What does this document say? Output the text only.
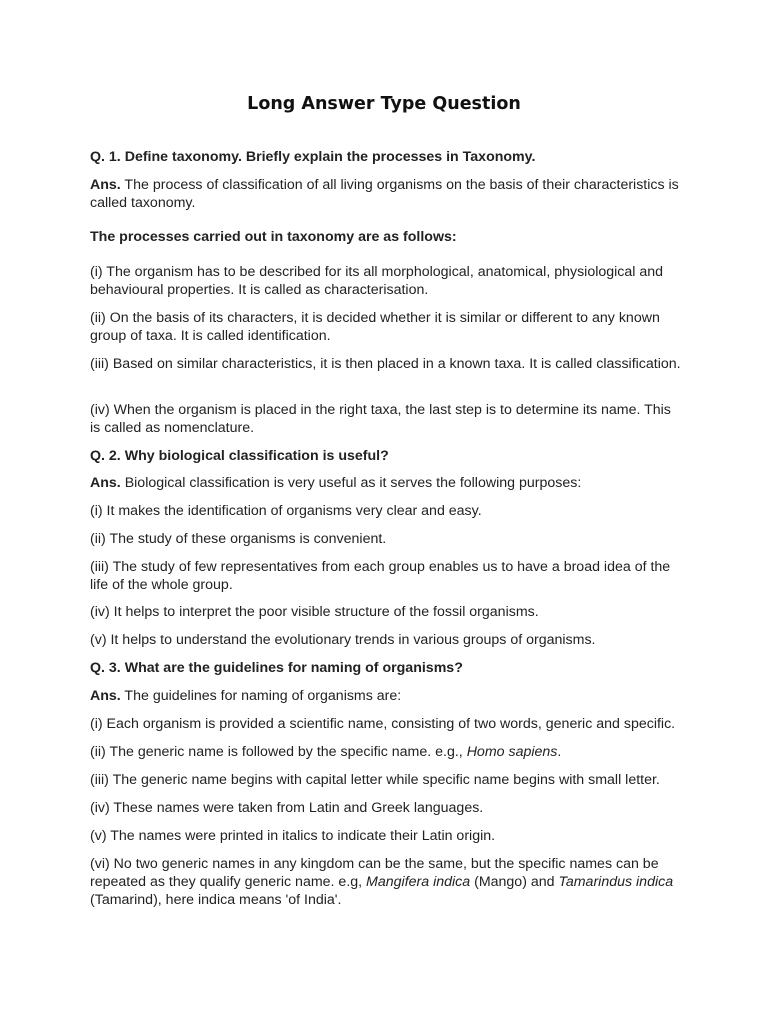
Long Answer Type Question

Q. 1. Define taxonomy. Briefly explain the processes in Taxonomy.

Ans. The process of classification of all living organisms on the basis of their characteristics is called taxonomy.

The processes carried out in taxonomy are as follows:

(i) The organism has to be described for its all morphological, anatomical, physiological and behavioural properties. It is called as characterisation.

(ii) On the basis of its characters, it is decided whether it is similar or different to any known group of taxa. It is called identification.

(iii) Based on similar characteristics, it is then placed in a known taxa. It is called classification.

(iv) When the organism is placed in the right taxa, the last step is to determine its name. This is called as nomenclature.

Q. 2. Why biological classification is useful?

Ans. Biological classification is very useful as it serves the following purposes:

(i) It makes the identification of organisms very clear and easy.

(ii) The study of these organisms is convenient.

(iii) The study of few representatives from each group enables us to have a broad idea of the life of the whole group.

(iv) It helps to interpret the poor visible structure of the fossil organisms.

(v) It helps to understand the evolutionary trends in various groups of organisms.

Q. 3. What are the guidelines for naming of organisms?

Ans. The guidelines for naming of organisms are:

(i) Each organism is provided a scientific name, consisting of two words, generic and specific.

(ii) The generic name is followed by the specific name. e.g., Homo sapiens.

(iii) The generic name begins with capital letter while specific name begins with small letter.

(iv) These names were taken from Latin and Greek languages.

(v) The names were printed in italics to indicate their Latin origin.

(vi) No two generic names in any kingdom can be the same, but the specific names can be repeated as they qualify generic name. e.g, Mangifera indica (Mango) and Tamarindus indica (Tamarind), here indica means 'of India'.
